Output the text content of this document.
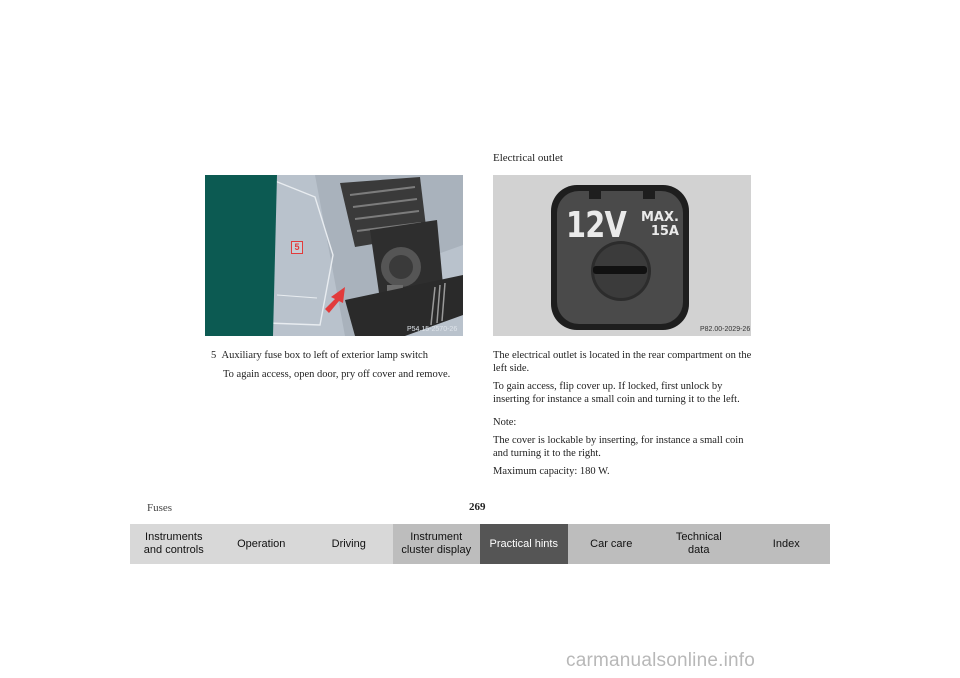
5
P54.15-2570-26
12V MAX.
15A
P82.00-2029-26

Electrical outlet

5 Auxiliary fuse box to left of exterior lamp switch

To again access, open door, pry off cover and remove.

The electrical outlet is located in the rear compartment on the left side.

To gain access, flip cover up. If locked, first unlock by inserting for instance a small coin and turning it to the left.

Note:

The cover is lockable by inserting, for instance a small coin and turning it to the right.

Maximum capacity: 180 W.

Fuses	269
Instruments
and controls
Operation	Driving
Instrument
cluster display
Practical hints	Car care
Technical
data
Index
carmanualsonline.info
